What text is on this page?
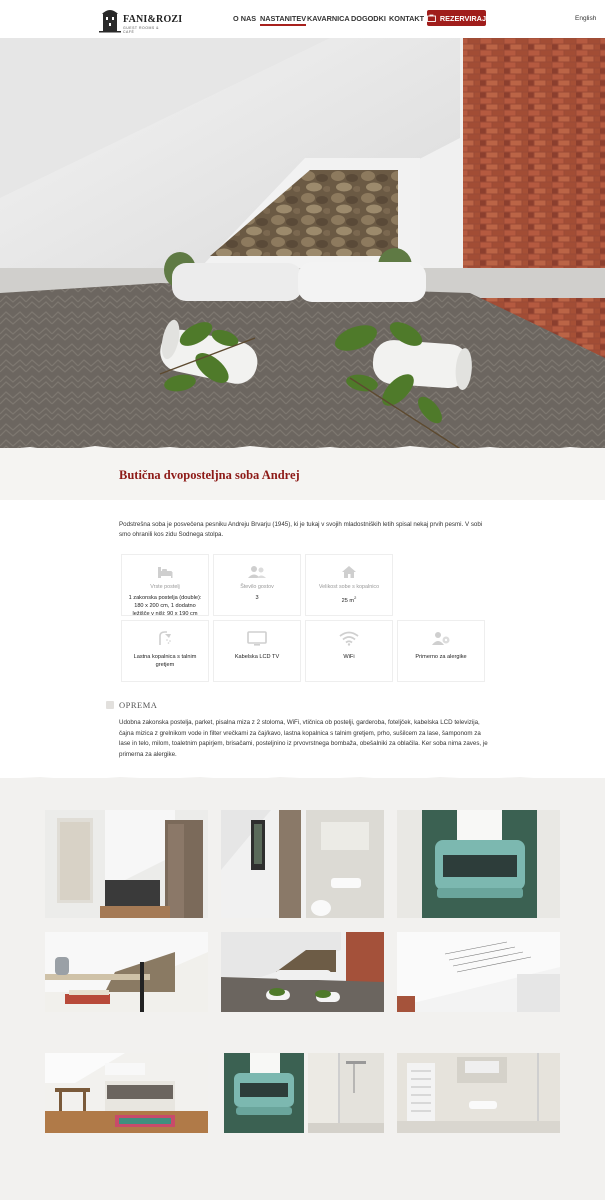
FANI&ROZI
GUEST ROOMS & CAFÉ
O NAS NASTANITEV KAVARNICA DOGODKI KONTAKT REZERVIRAJ	English
Butična dvoposteljna soba Andrej

Podstrešna soba je posvečena pesniku Andreju Brvarju (1945), ki je tukaj v svojih mladostniških letih spisal nekaj prvih pesmi. V sobi smo ohranili kos zidu Sodnega stolpa.

Vrste postelj
1 zakonska postelja (double): 180 x 200 cm, 1 dodatno ležišče v niši: 90 x 190 cm
Število gostov
3
Velikost sobe s kopalnico
25 $m^2$
Lastna kopalnica s talnim gretjem
Kabelska LCD TV	WiFi	Primerno za alergike
OPREMA

Udobna zakonska postelja, parket, pisalna miza z 2 stoloma, WiFi, vtičnica ob postelji, garderoba, foteljček, kabelska LCD televizija, čajna mizica z grelnikom vode in filter vrečkami za čaj/kavo, lastna kopalnica s talnim gretjem, prho, sušilcem za lase, šamponom za lase in telo, milom, toaletnim papirjem, brisačami, posteljnino iz prvovrstnega bombaža, obešalniki za oblačila. Ker soba nima zaves, je primerna za alergike.
